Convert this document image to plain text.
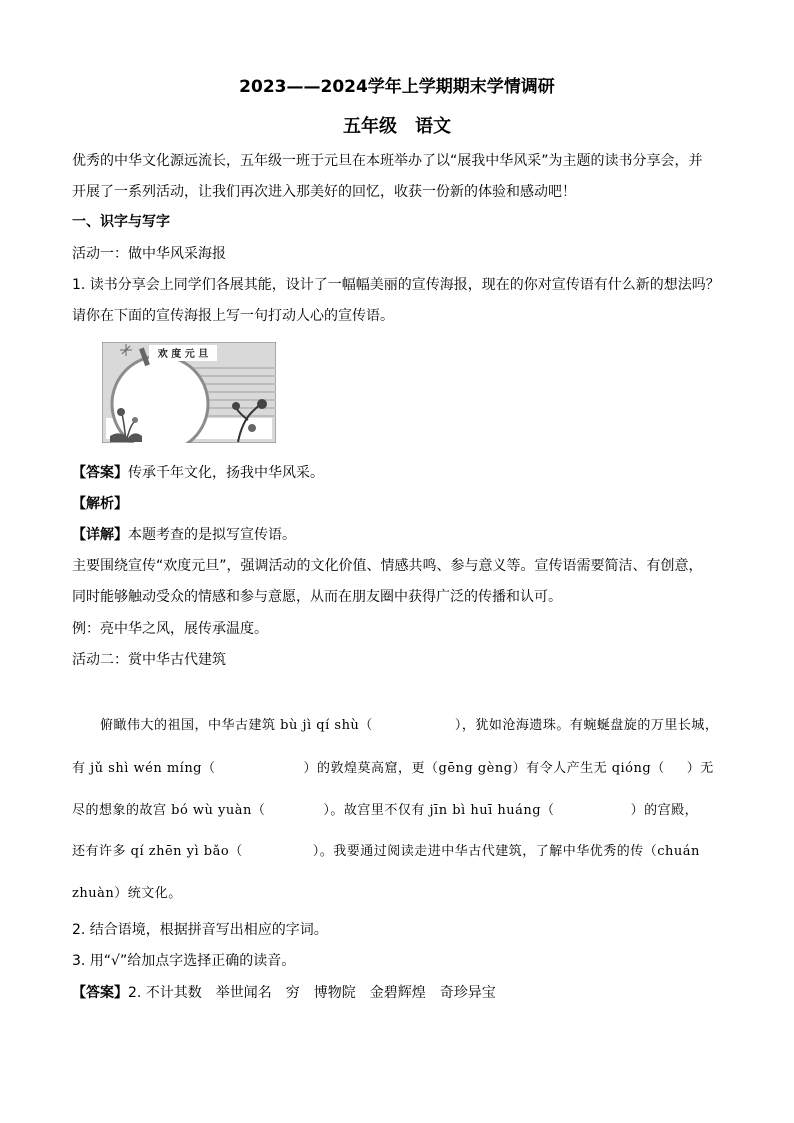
2023——2024学年上学期期末学情调研
五年级　语文
优秀的中华文化源远流长，五年级一班于元旦在本班举办了以“展我中华风采”为主题的读书分享会，并
开展了一系列活动，让我们再次进入那美好的回忆，收获一份新的体验和感动吧！
一、识字与写字
活动一：做中华风采海报
1. 读书分享会上同学们各展其能，设计了一幅幅美丽的宣传海报，现在的你对宣传语有什么新的想法吗？
请你在下面的宣传海报上写一句打动人心的宣传语。
欢 度 元 旦
【答案】传承千年文化，扬我中华风采。
【解析】
【详解】本题考查的是拟写宣传语。
主要围绕宣传“欢度元旦”，强调活动的文化价值、情感共鸣、参与意义等。宣传语需要简洁、有创意，
同时能够触动受众的情感和参与意愿，从而在朋友圈中获得广泛的传播和认可。
例：亮中华之风，展传承温度。
活动二：赏中华古代建筑
俯瞰伟大的祖国，中华古建筑 bù jì qí shù（	），犹如沧海遗珠。有蜿蜒盘旋的万里长城，
有 jǔ shì wén míng（	）的敦煌莫高窟，更（gēng gèng）有令人产生无 qióng（ ）无
尽的想象的故宫 bó wù yuàn（	）。故宫里不仅有 jīn bì huī huáng（	）的宫殿，
还有许多 qí zhēn yì bǎo（	）。我要通过阅读走进中华古代建筑，了解中华优秀的传（chuán
zhuàn）统文化。
2. 结合语境，根据拼音写出相应的字词。
3. 用“√”给加点字选择正确的读音。
【答案】2. 不计其数　举世闻名　穷　博物院　金碧辉煌　奇珍异宝
